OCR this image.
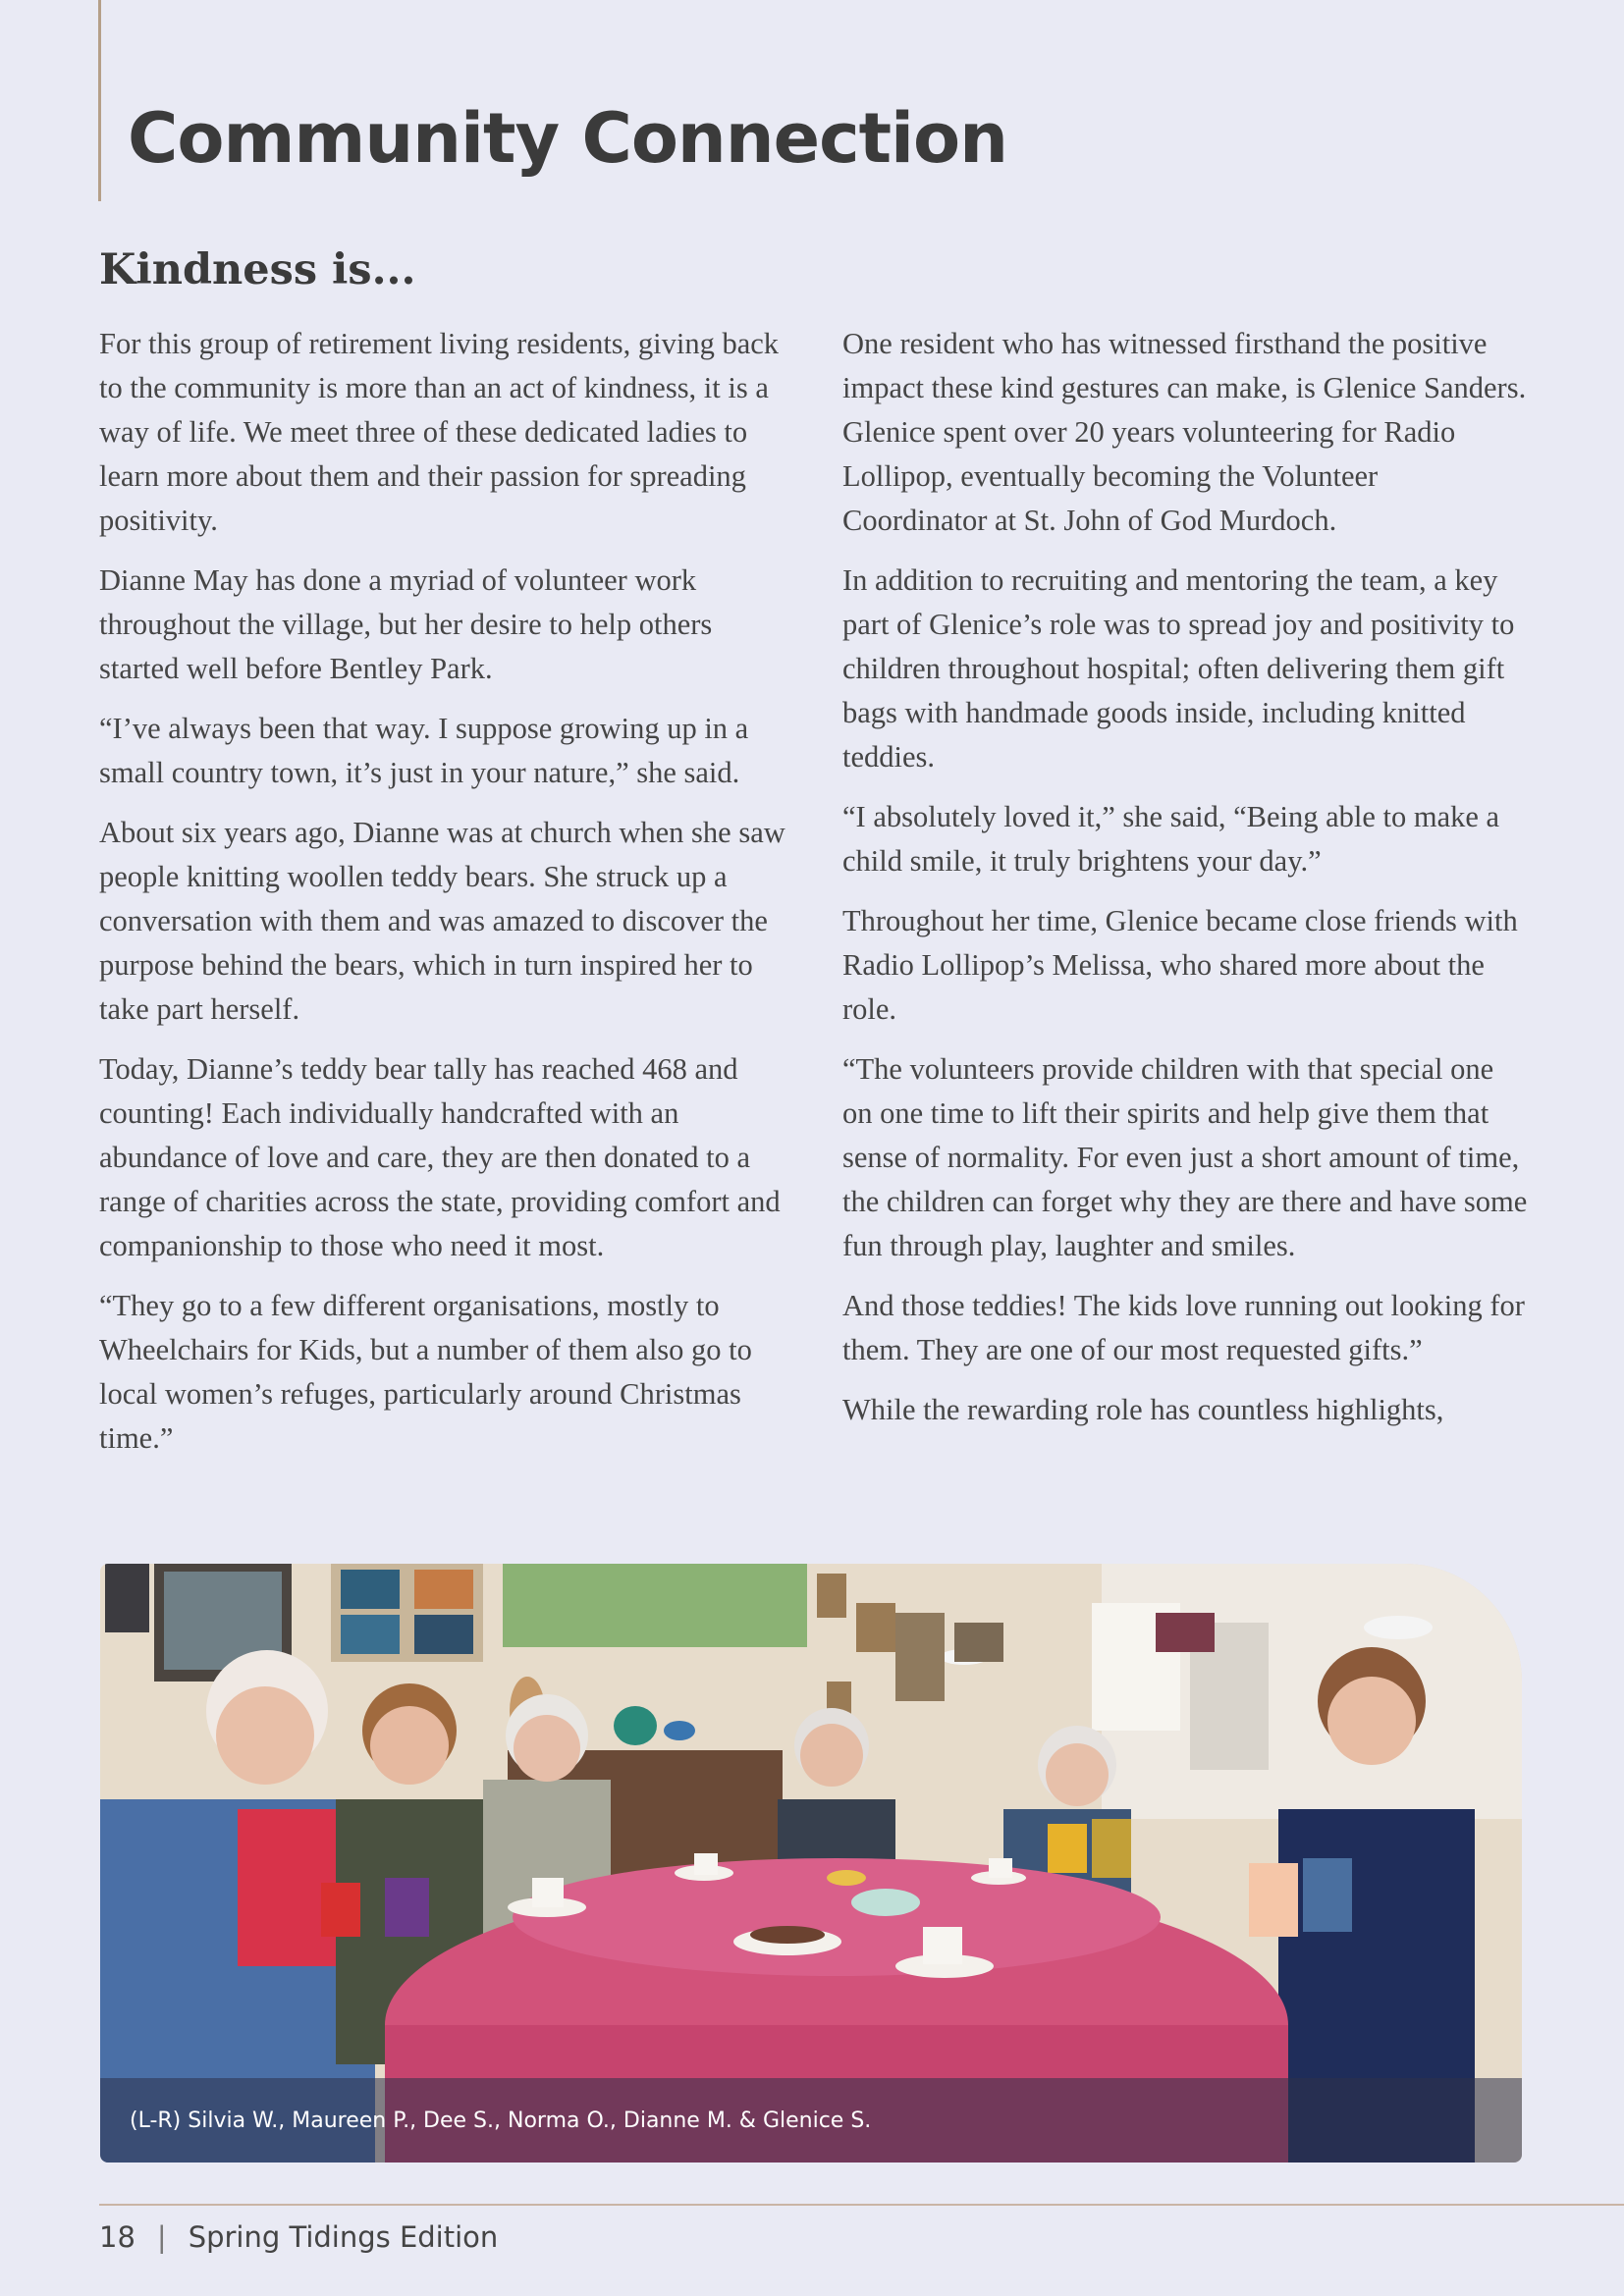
Community Connection
Kindness is...

For this group of retirement living residents, giving back to the community is more than an act of kindness, it is a way of life. We meet three of these dedicated ladies to learn more about them and their passion for spreading positivity.

Dianne May has done a myriad of volunteer work throughout the village, but her desire to help others started well before Bentley Park.

“I’ve always been that way. I suppose growing up in a small country town, it’s just in your nature,” she said.

About six years ago, Dianne was at church when she saw people knitting woollen teddy bears. She struck up a conversation with them and was amazed to discover the purpose behind the bears, which in turn inspired her to take part herself.

Today, Dianne’s teddy bear tally has reached 468 and counting! Each individually handcrafted with an abundance of love and care, they are then donated to a range of charities across the state, providing comfort and companionship to those who need it most.

“They go to a few different organisations, mostly to Wheelchairs for Kids, but a number of them also go to local women’s refuges, particularly around Christmas time.”

One resident who has witnessed firsthand the positive impact these kind gestures can make, is Glenice Sanders. Glenice spent over 20 years volunteering for Radio Lollipop, eventually becoming the Volunteer Coordinator at St. John of God Murdoch.

In addition to recruiting and mentoring the team, a key part of Glenice’s role was to spread joy and positivity to children throughout hospital; often delivering them gift bags with handmade goods inside, including knitted teddies.

“I absolutely loved it,” she said, “Being able to make a child smile, it truly brightens your day.”

Throughout her time, Glenice became close friends with Radio Lollipop’s Melissa, who shared more about the role.

“The volunteers provide children with that special one on one time to lift their spirits and help give them that sense of normality. For even just a short amount of time, the children can forget why they are there and have some fun through play, laughter and smiles.

And those teddies! The kids love running out looking for them. They are one of our most requested gifts.”

While the rewarding role has countless highlights,

(L-R) Silvia W., Maureen P., Dee S., Norma O., Dianne M. & Glenice S.
18 | Spring Tidings Edition
